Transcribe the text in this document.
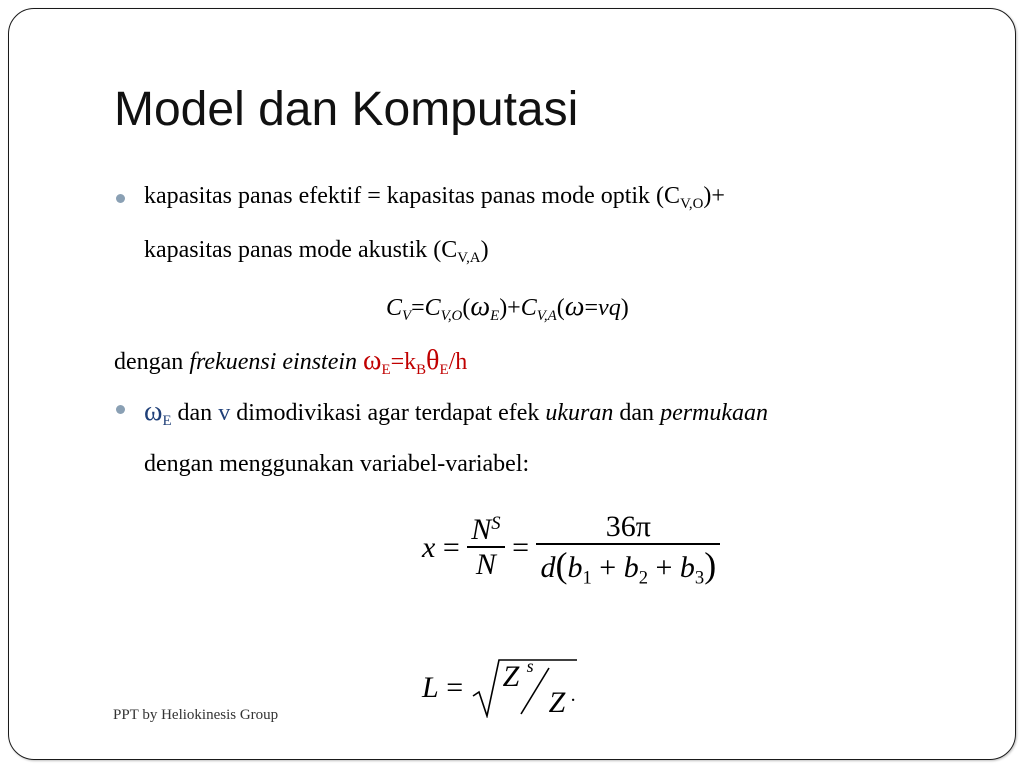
Model dan Komputasi
kapasitas panas efektif = kapasitas panas mode optik $(C_{V,O})+$
kapasitas panas mode akustik $(C_{V,A})$
$C_V=C_{V,O}(\omega_E)+C_{V,A}(\omega=vq)$
dengan frekuensi einstein $\omega_E=k_B\theta_E/h$
$\omega_E$ dan v dimodivikasi agar terdapat efek ukuran dan permukaan
dengan menggunakan variabel-variabel:
$x = \frac{N^S}{N} = \frac{36\pi}{d(b_1 + b_2 + b_3)}$
L = Z s
Z .
PPT by Heliokinesis Group
